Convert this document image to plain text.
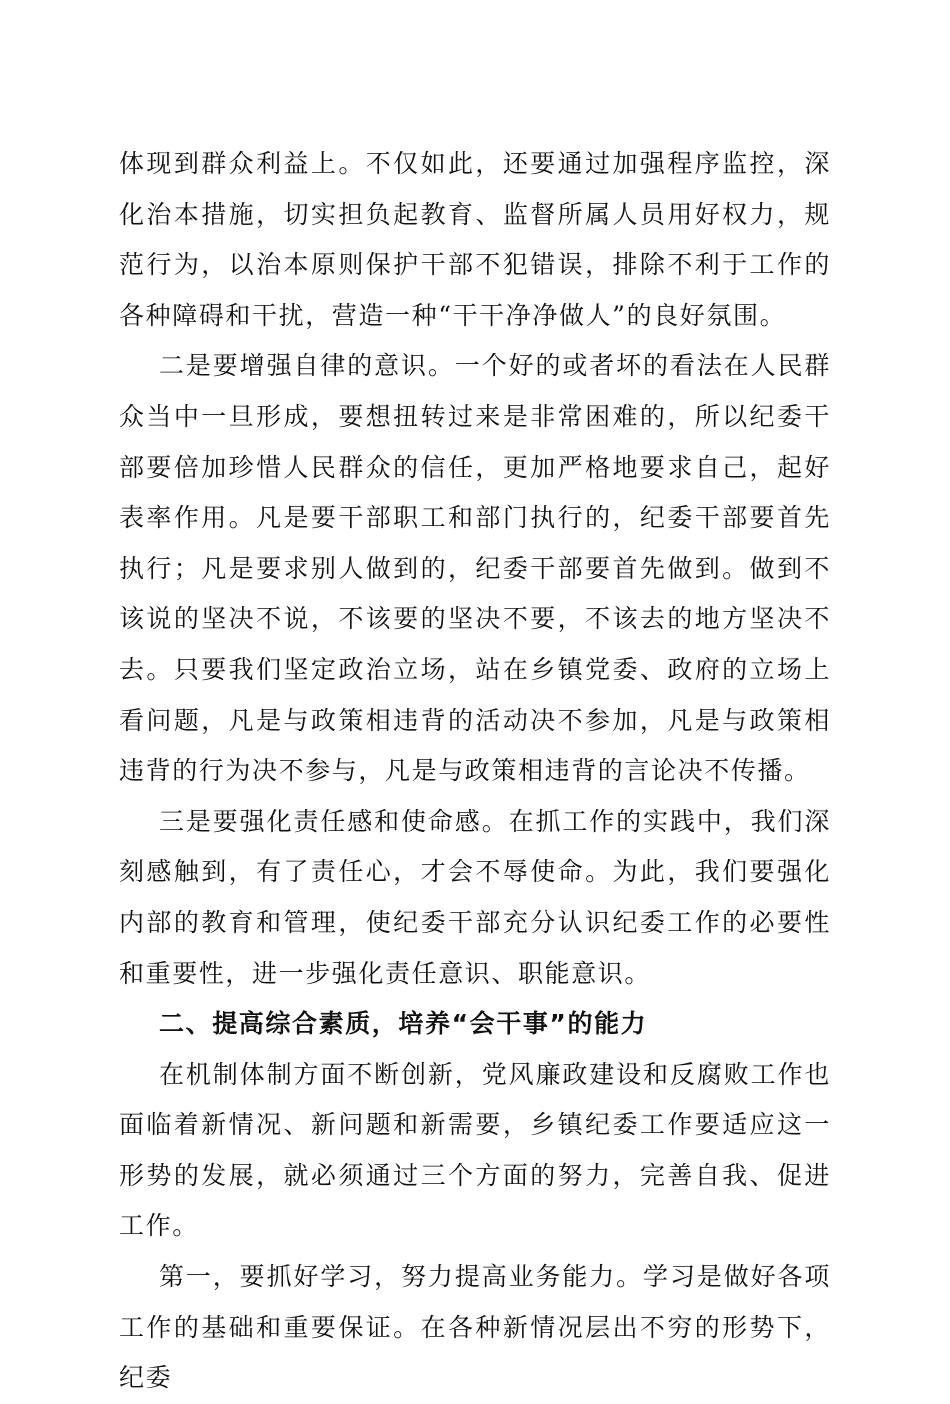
体现到群众利益上。不仅如此，还要通过加强程序监控，深化治本措施，切实担负起教育、监督所属人员用好权力，规范行为，以治本原则保护干部不犯错误，排除不利于工作的各种障碍和干扰，营造一种“干干净净做人”的良好氛围。

二是要增强自律的意识。一个好的或者坏的看法在人民群众当中一旦形成，要想扭转过来是非常困难的，所以纪委干部要倍加珍惜人民群众的信任，更加严格地要求自己，起好表率作用。凡是要干部职工和部门执行的，纪委干部要首先执行；凡是要求别人做到的，纪委干部要首先做到。做到不该说的坚决不说，不该要的坚决不要，不该去的地方坚决不去。只要我们坚定政治立场，站在乡镇党委、政府的立场上看问题，凡是与政策相违背的活动决不参加，凡是与政策相违背的行为决不参与，凡是与政策相违背的言论决不传播。

三是要强化责任感和使命感。在抓工作的实践中，我们深刻感触到，有了责任心，才会不辱使命。为此，我们要强化内部的教育和管理，使纪委干部充分认识纪委工作的必要性和重要性，进一步强化责任意识、职能意识。

二、提高综合素质，培养“会干事”的能力

在机制体制方面不断创新，党风廉政建设和反腐败工作也面临着新情况、新问题和新需要，乡镇纪委工作要适应这一形势的发展，就必须通过三个方面的努力，完善自我、促进工作。

第一，要抓好学习，努力提高业务能力。学习是做好各项工作的基础和重要保证。在各种新情况层出不穷的形势下，纪委
